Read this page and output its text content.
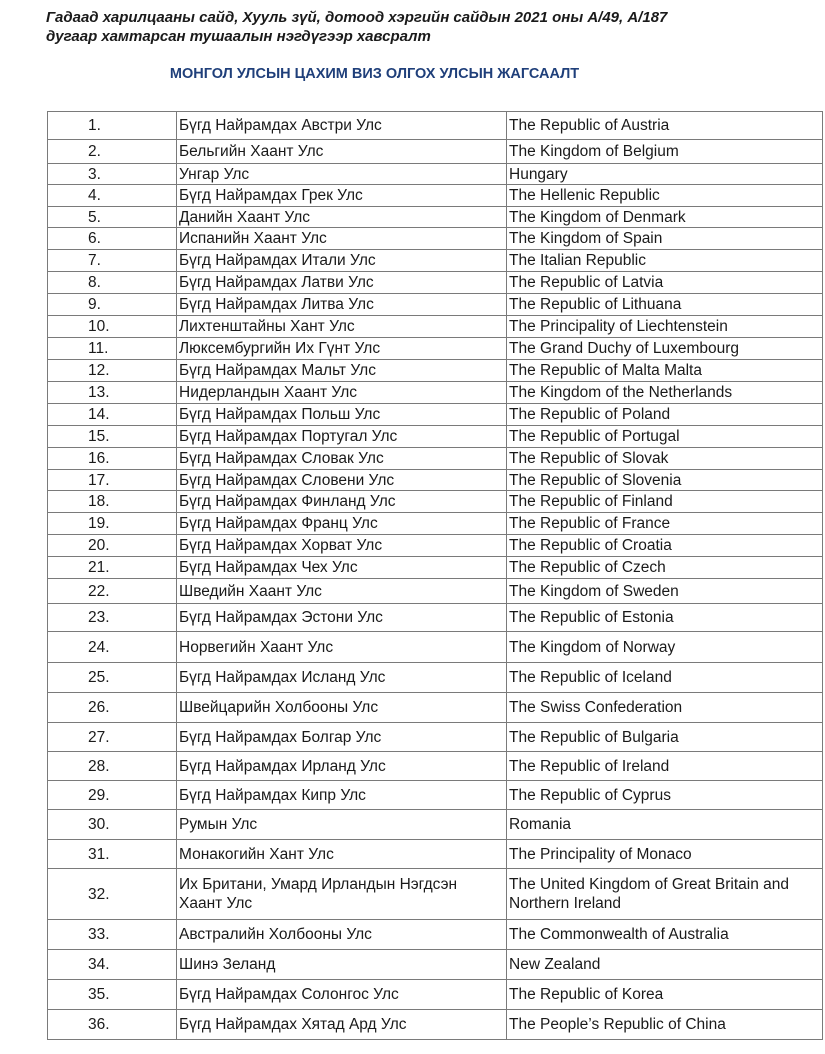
Гадаад харилцааны сайд, Хууль зүй, дотоод хэргийн сайдын 2021 оны А/49, А/187
дугаар хамтарсан тушаалын нэгдүгээр хавсралт
МОНГОЛ УЛСЫН ЦАХИМ ВИЗ ОЛГОХ УЛСЫН ЖАГСААЛТ
1.	Бүгд Найрамдах Австри Улс	The Republic of Austria
2.	Бельгийн Хаант Улс	The Kingdom of Belgium
3.	Унгар Улс	Hungary
4.	Бүгд Найрамдах Грек Улс	The Hellenic Republic
5.	Данийн Хаант Улс	The Kingdom of Denmark
6.	Испанийн Хаант Улс	The Kingdom of Spain
7.	Бүгд Найрамдах Итали Улс	The Italian Republic
8.	Бүгд Найрамдах Латви Улс	The Republic of Latvia
9.	Бүгд Найрамдах Литва Улс	The Republic of Lithuana
10.	Лихтенштайны Хант Улс	The Principality of Liechtenstein
11.	Люксембургийн Их Гүнт Улс	The Grand Duchy of Luxembourg
12.	Бүгд Найрамдах Мальт Улс	The Republic of Malta Malta
13.	Нидерландын Хаант Улс	The Kingdom of the Netherlands
14.	Бүгд Найрамдах Польш Улс	The Republic of Poland
15.	Бүгд Найрамдах Португал Улс	The Republic of Portugal
16.	Бүгд Найрамдах Словак Улс	The Republic of Slovak
17.	Бүгд Найрамдах Словени Улс	The Republic of Slovenia
18.	Бүгд Найрамдах Финланд Улс	The Republic of Finland
19.	Бүгд Найрамдах Франц Улс	The Republic of France
20.	Бүгд Найрамдах Хорват Улс	The Republic of Croatia
21.	Бүгд Найрамдах Чех Улс	The Republic of Czech
22.	Шведийн Хаант Улс	The Kingdom of Sweden
23.	Бүгд Найрамдах Эстони Улс	The Republic of Estonia
24.	Норвегийн Хаант Улс	The Kingdom of Norway
25.	Бүгд Найрамдах Исланд Улс	The Republic of Iceland
26.	Швейцарийн Холбооны Улс	The Swiss Confederation
27.	Бүгд Найрамдах Болгар Улс	The Republic of Bulgaria
28.	Бүгд Найрамдах Ирланд Улс	The Republic of Ireland
29.	Бүгд Найрамдах Кипр Улс	The Republic of Cyprus
30.	Румын Улс	Romania
31.	Монакогийн Хант Улс	The Principality of Monaco
32.	Их Британи, Умард Ирландын Нэгдсэн Хаант Улс	The United Kingdom of Great Britain and Northern Ireland
33.	Австралийн Холбооны Улс	The Commonwealth of Australia
34.	Шинэ Зеланд	New Zealand
35.	Бүгд Найрамдах Солонгос Улс	The Republic of Korea
36.	Бүгд Найрамдах Хятад Ард Улс	The People’s Republic of China
